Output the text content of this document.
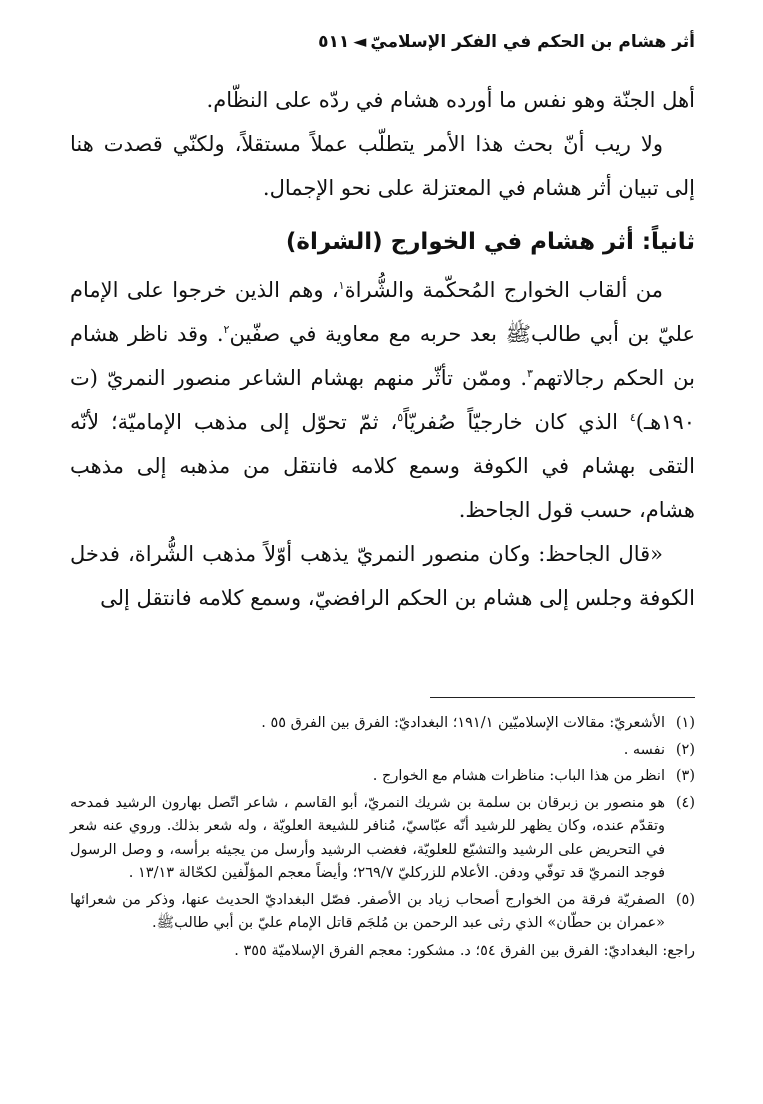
أثر هشام بن الحكم في الفكر الإسلاميّ
◄
٥١١

أهل الجنّة وهو نفس ما أورده هشام في ردّه على النظّام.

ولا ريب أنّ بحث هذا الأمر يتطلّب عملاً مستقلاً، ولكنّي قصدت هنا إلى تبيان أثر هشام في المعتزلة على نحو الإجمال.

ثانياً: أثر هشام في الخوارج (الشراة)

من ألقاب الخوارج المُحكّمة والشُّراة$^١$، وهم الذين خرجوا على الإمام عليّ بن أبي طالبﷺ بعد حربه مع معاوية في صفّين$^٢$. وقد ناظر هشام بن الحكم رجالاتهم$^٣$. وممّن تأثّر منهم بهشام الشاعر منصور النمريّ (ت ١٩٠هـ)$^٤$ الذي كان خارجيّاً صُفريّاً$^٥$، ثمّ تحوّل إلى مذهب الإماميّة؛ لأنّه التقى بهشام في الكوفة وسمع كلامه فانتقل من مذهبه إلى مذهب هشام، حسب قول الجاحظ.

«قال الجاحظ: وكان منصور النمريّ يذهب أوّلاً مذهب الشُّراة، فدخل الكوفة وجلس إلى هشام بن الحكم الرافضيّ، وسمع كلامه فانتقل إلى

(١)
الأشعريّ: مقالات الإسلاميّين ١٩١/١؛ البغداديّ: الفرق بين الفرق ٥٥ .
(٢)
نفسه .
(٣)
انظر من هذا الباب: مناظرات هشام مع الخوارج .
(٤)
هو منصور بن زبرقان بن سلمة بن شريك النمريّ، أبو القاسم ، شاعر اتّصل بهارون الرشيد فمدحه وتقدّم عنده، وكان يظهر للرشيد أنّه عبّاسيّ، مُنافر للشيعة العلويّة ، وله شعر بذلك. وروي عنه شعر في التحريض على الرشيد والتشيّع للعلويّة، فغضب الرشيد وأرسل من يجيئه برأسه، و وصل الرسول فوجد النمريّ قد توفّي ودفن. الأعلام للزركليّ ٢٦٩/٧؛ وأيضاً معجم المؤلّفين لكحّالة ١٣/١٣ .
(٥)
الصفريّة فرقة من الخوارج أصحاب زياد بن الأصفر. فصّل البغداديّ الحديث عنها، وذكر من شعرائها «عمران بن حطّان» الذي رثى عبد الرحمن بن مُلجَم قاتل الإمام عليّ بن أبي طالبﷺ.

راجع: البغداديّ: الفرق بين الفرق ٥٤؛ د. مشكور: معجم الفرق الإسلاميّة ٣٥٥ .
